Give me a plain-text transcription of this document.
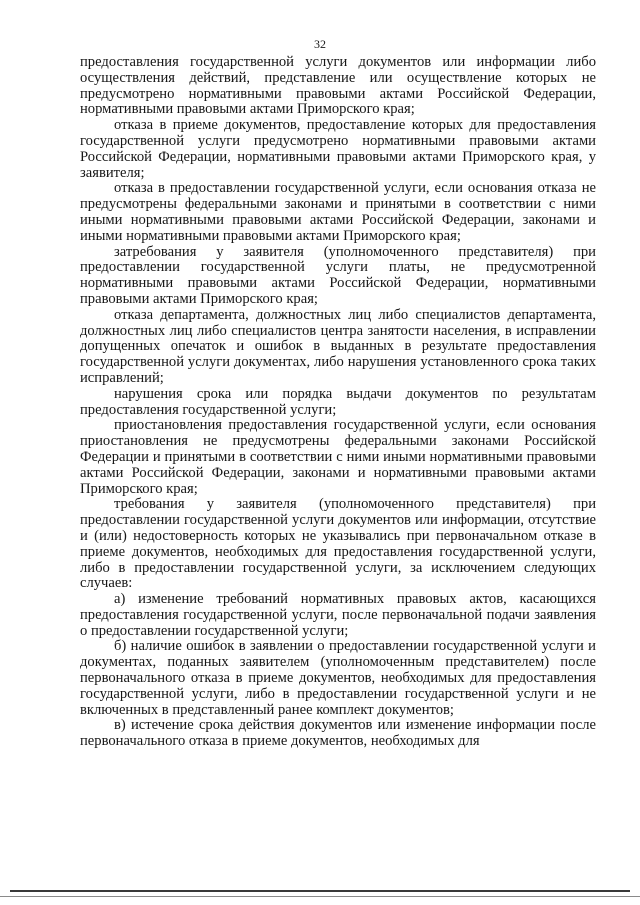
32

предоставления государственной услуги документов или информации либо осуществления действий, представление или осуществление которых не предусмотрено нормативными правовыми актами Российской Федерации, нормативными правовыми актами Приморского края;

отказа в приеме документов, предоставление которых для предоставления государственной услуги предусмотрено нормативными правовыми актами Российской Федерации, нормативными правовыми актами Приморского края, у заявителя;

отказа в предоставлении государственной услуги, если основания отказа не предусмотрены федеральными законами и принятыми в соответствии с ними иными нормативными правовыми актами Российской Федерации, законами и иными нормативными правовыми актами Приморского края;

затребования у заявителя (уполномоченного представителя) при предоставлении государственной услуги платы, не предусмотренной нормативными правовыми актами Российской Федерации, нормативными правовыми актами Приморского края;

отказа департамента, должностных лиц либо специалистов департамента, должностных лиц либо специалистов центра занятости населения, в исправлении допущенных опечаток и ошибок в выданных в результате предоставления государственной услуги документах, либо нарушения установленного срока таких исправлений;

нарушения срока или порядка выдачи документов по результатам предоставления государственной услуги;

приостановления предоставления государственной услуги, если основания приостановления не предусмотрены федеральными законами Российской Федерации и принятыми в соответствии с ними иными нормативными правовыми актами Российской Федерации, законами и нормативными правовыми актами Приморского края;

требования у заявителя (уполномоченного представителя) при предоставлении государственной услуги документов или информации, отсутствие и (или) недостоверность которых не указывались при первоначальном отказе в приеме документов, необходимых для предоставления государственной услуги, либо в предоставлении государственной услуги, за исключением следующих случаев:

а) изменение требований нормативных правовых актов, касающихся предоставления государственной услуги, после первоначальной подачи заявления о предоставлении государственной услуги;

б) наличие ошибок в заявлении о предоставлении государственной услуги и документах, поданных заявителем (уполномоченным представителем) после первоначального отказа в приеме документов, необходимых для предоставления государственной услуги, либо в предоставлении государственной услуги и не включенных в представленный ранее комплект документов;

в) истечение срока действия документов или изменение информации после первоначального отказа в приеме документов, необходимых для
